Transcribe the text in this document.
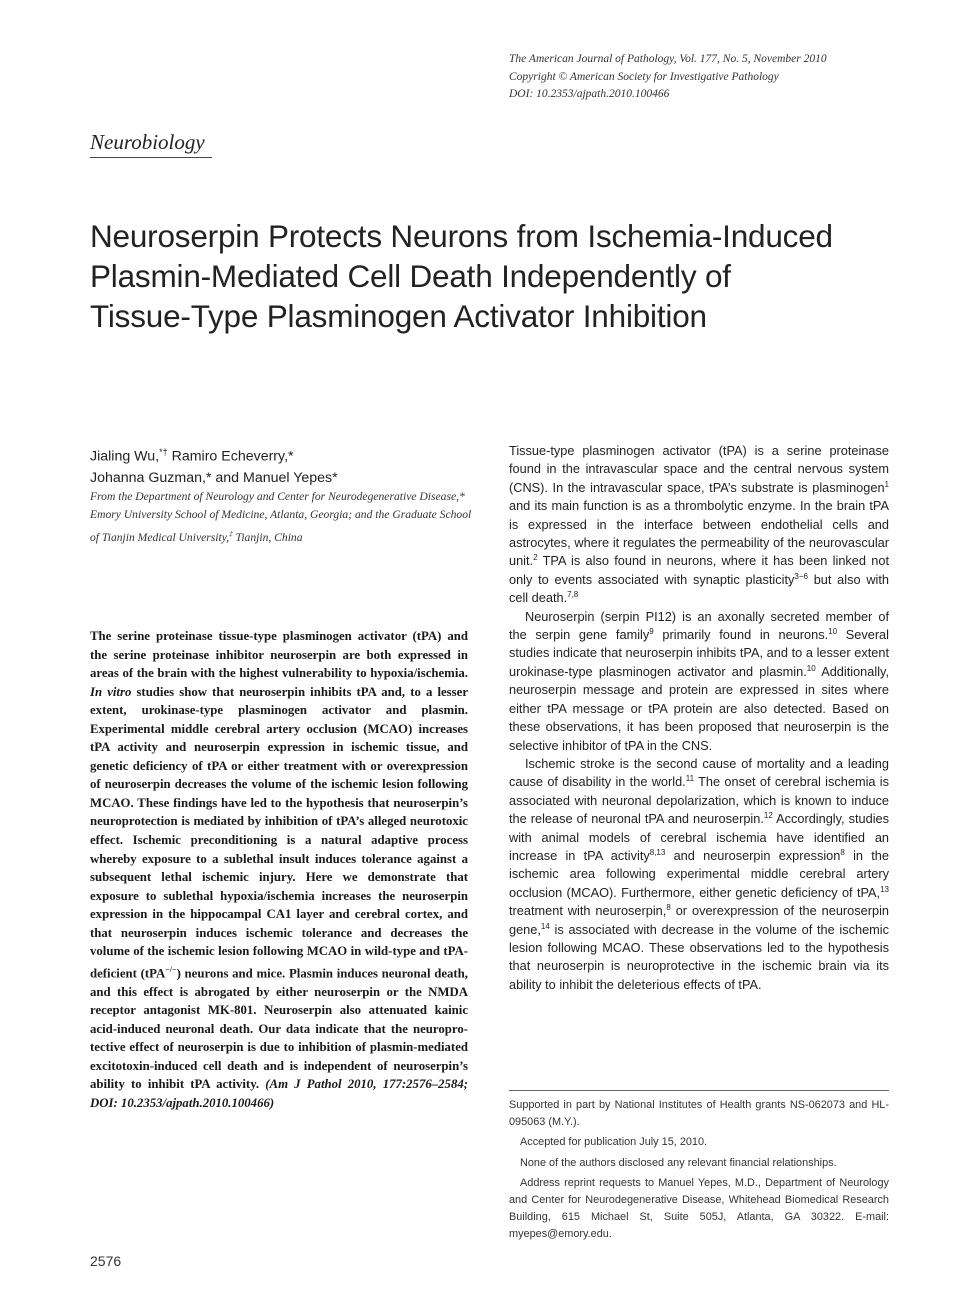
The American Journal of Pathology, Vol. 177, No. 5, November 2010
Copyright © American Society for Investigative Pathology
DOI: 10.2353/ajpath.2010.100466
Neurobiology
Neuroserpin Protects Neurons from Ischemia-Induced
Plasmin-Mediated Cell Death Independently of
Tissue-Type Plasminogen Activator Inhibition
Jialing Wu,*† Ramiro Echeverry,*
Johanna Guzman,* and Manuel Yepes*
From the Department of Neurology and Center for Neurodegenerative Disease,* Emory University School of Medicine, Atlanta, Georgia; and the Graduate School of Tianjin Medical University,‡ Tianjin, China
The serine proteinase tissue-type plasminogen activator (tPA) and the serine proteinase inhibitor neuroserpin are both expressed in areas of the brain with the highest vulnerability to hypoxia/ischemia. In vitro studies show that neuroserpin inhibits tPA and, to a lesser extent, urokinase-type plasminogen activator and plasmin. Experimental middle cerebral artery occlusion (MCAO) increases tPA activity and neuroserpin expression in ischemic tissue, and genetic deficiency of tPA or either treatment with or overexpression of neuroserpin decreases the volume of the ischemic lesion following MCAO. These findings have led to the hypothesis that neuroserpin’s neuroprotection is mediated by inhibition of tPA’s alleged neurotoxic effect. Ischemic preconditioning is a natural adaptive process whereby exposure to a sublethal insult induces tolerance against a subsequent lethal ischemic injury. Here we demonstrate that exposure to sublethal hypoxia/ischemia increases the neuroserpin expression in the hippocampal CA1 layer and cerebral cortex, and that neuroserpin induces ischemic tolerance and decreases the volume of the ischemic lesion following MCAO in wild-type and tPA-deficient (tPA−/−) neurons and mice. Plasmin induces neuronal death, and this effect is abrogated by either neuroserpin or the NMDA receptor antagonist MK-801. Neuroserpin also attenuated kainic acid-induced neuronal death. Our data indicate that the neuroprotective effect of neuroserpin is due to inhibition of plasmin-mediated excitotoxin-induced cell death and is independent of neuroserpin’s ability to inhibit tPA activity. (Am J Pathol 2010, 177:2576–2584; DOI: 10.2353/ajpath.2010.100466)

Tissue-type plasminogen activator (tPA) is a serine proteinase found in the intravascular space and the central nervous system (CNS). In the intravascular space, tPA’s substrate is plasminogen$^1$ and its main function is as a thrombolytic enzyme. In the brain tPA is expressed in the interface between endothelial cells and astrocytes, where it regulates the permeability of the neurovascular unit.$^2$ TPA is also found in neurons, where it has been linked not only to events associated with synaptic plasticity$^{3-6}$ but also with cell death.$^{7,8}$

Neuroserpin (serpin PI12) is an axonally secreted member of the serpin gene family$^9$ primarily found in neurons.$^{10}$ Several studies indicate that neuroserpin inhibits tPA, and to a lesser extent urokinase-type plasminogen activator and plasmin.$^{10}$ Additionally, neuroserpin message and protein are expressed in sites where either tPA message or tPA protein are also detected. Based on these observations, it has been proposed that neuroserpin is the selective inhibitor of tPA in the CNS.

Ischemic stroke is the second cause of mortality and a leading cause of disability in the world.$^{11}$ The onset of cerebral ischemia is associated with neuronal depolarization, which is known to induce the release of neuronal tPA and neuroserpin.$^{12}$ Accordingly, studies with animal models of cerebral ischemia have identified an increase in tPA activity$^{8,13}$ and neuroserpin expression$^8$ in the ischemic area following experimental middle cerebral artery occlusion (MCAO). Furthermore, either genetic deficiency of tPA,$^{13}$ treatment with neuroserpin,$^8$ or overexpression of the neuroserpin gene,$^{14}$ is associated with decrease in the volume of the ischemic lesion following MCAO. These observations led to the hypothesis that neuroserpin is neuroprotective in the ischemic brain via its ability to inhibit the deleterious effects of tPA.

Supported in part by National Institutes of Health grants NS-062073 and HL-095063 (M.Y.).

Accepted for publication July 15, 2010.

None of the authors disclosed any relevant financial relationships.

Address reprint requests to Manuel Yepes, M.D., Department of Neurology and Center for Neurodegenerative Disease, Whitehead Biomedical Research Building, 615 Michael St, Suite 505J, Atlanta, GA 30322. E-mail: myepes@emory.edu.

2576
